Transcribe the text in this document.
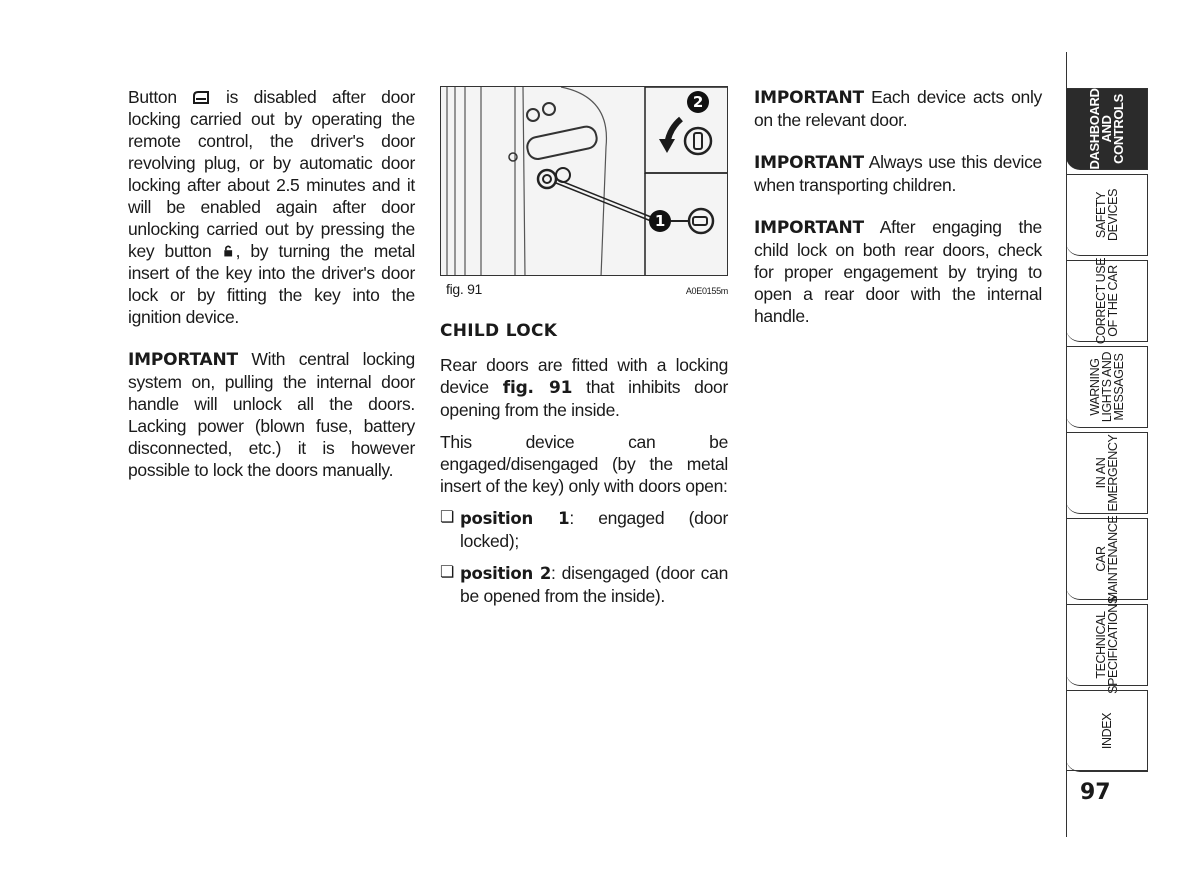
Button  is disabled after door locking carried out by operating the remote control, the driver's door revolving plug, or by automatic door locking after about 2.5 minutes and it will be enabled again after door unlocking carried out by pressing the key button , by turning the metal insert of the key into the driver's door lock or by fitting the key into the ignition device.

IMPORTANT With central locking system on, pulling the internal door handle will unlock all the doors. Lacking power (blown fuse, battery disconnected, etc.) it is however possible to lock the doors manually.

2
1
fig. 91	A0E0155m
CHILD LOCK

Rear doors are fitted with a locking device fig. 91 that inhibits door opening from the inside.

This device can be engaged/disengaged (by the metal insert of the key) only with doors open:

❏ position 1: engaged (door locked);
❏ position 2: disengaged (door can be opened from the inside).

IMPORTANT Each device acts only on the relevant door.

IMPORTANT Always use this device when transporting children.

IMPORTANT After engaging the child lock on both rear doors, check for proper engagement by trying to open a rear door with the internal handle.

DASHBOARD
AND
CONTROLS
SAFETY
DEVICES
CORRECT USE
OF THE CAR
WARNING
LIGHTS AND
MESSAGES
IN AN
EMERGENCY
CAR
MAINTENANCE
TECHNICAL
SPECIFICATIONS
INDEX
97
